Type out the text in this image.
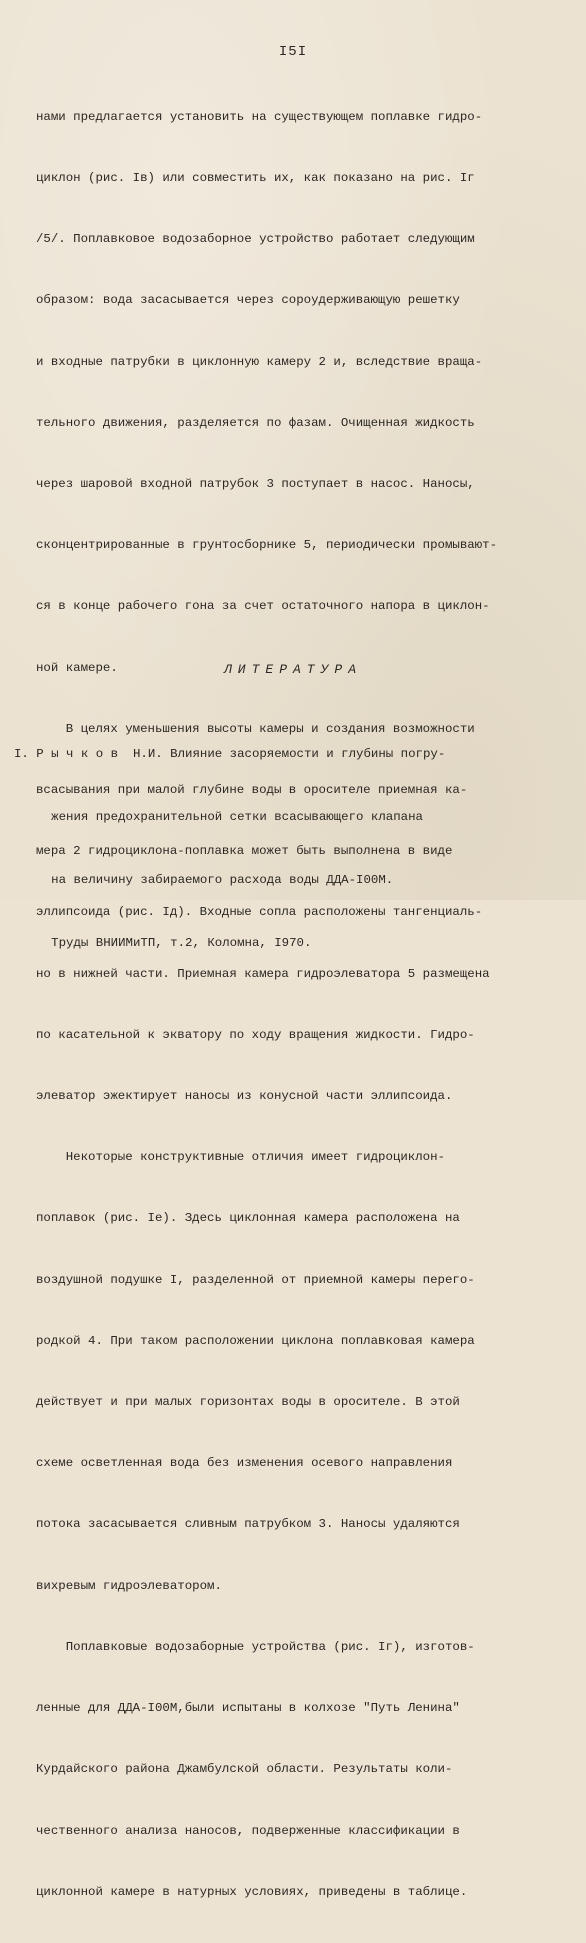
I5I

нами предлагается установить на существующем поплавке гидро-

циклон (рис. Iв) или совместить их, как показано на рис. Iг

/5/. Поплавковое водозаборное устройство работает следующим

образом: вода засасывается через сороудерживающую решетку

и входные патрубки в циклонную камеру 2 и, вследствие враща-

тельного движения, разделяется по фазам. Очищенная жидкость

через шаровой входной патрубок 3 поступает в насос. Наносы,

сконцентрированные в грунтосборнике 5, периодически промывают-

ся в конце рабочего гона за счет остаточного напора в циклон-

ной камере.

В целях уменьшения высоты камеры и создания возможности

всасывания при малой глубине воды в оросителе приемная ка-

мера 2 гидроциклона-поплавка может быть выполнена в виде

эллипсоида (рис. Iд). Входные сопла расположены тангенциаль-

но в нижней части. Приемная камера гидроэлеватора 5 размещена

по касательной к экватору по ходу вращения жидкости. Гидро-

элеватор эжектирует наносы из конусной части эллипсоида.

Некоторые конструктивные отличия имеет гидроциклон-

поплавок (рис. Iе). Здесь циклонная камера расположена на

воздушной подушке I, разделенной от приемной камеры перего-

родкой 4. При таком расположении циклона поплавковая камера

действует и при малых горизонтах воды в оросителе. В этой

схеме осветленная вода без изменения осевого направления

потока засасывается сливным патрубком 3. Наносы удаляются

вихревым гидроэлеватором.

Поплавковые водозаборные устройства (рис. Iг), изготов-

ленные для ДДА-I00М,были испытаны в колхозе "Путь Ленина"

Курдайского района Джамбулской области. Результаты коли-

чественного анализа наносов, подверженные классификации в

циклонной камере в натурных условиях, приведены в таблице.

ЛИТЕРАТУРА

I. Р ы ч к о в  Н.И. Влияние засоряемости и глубины погру-

жения предохранительной сетки всасывающего клапана

на величину забираемого расхода воды ДДА-I00М.

Труды ВНИИМиТП, т.2, Коломна, I970.
